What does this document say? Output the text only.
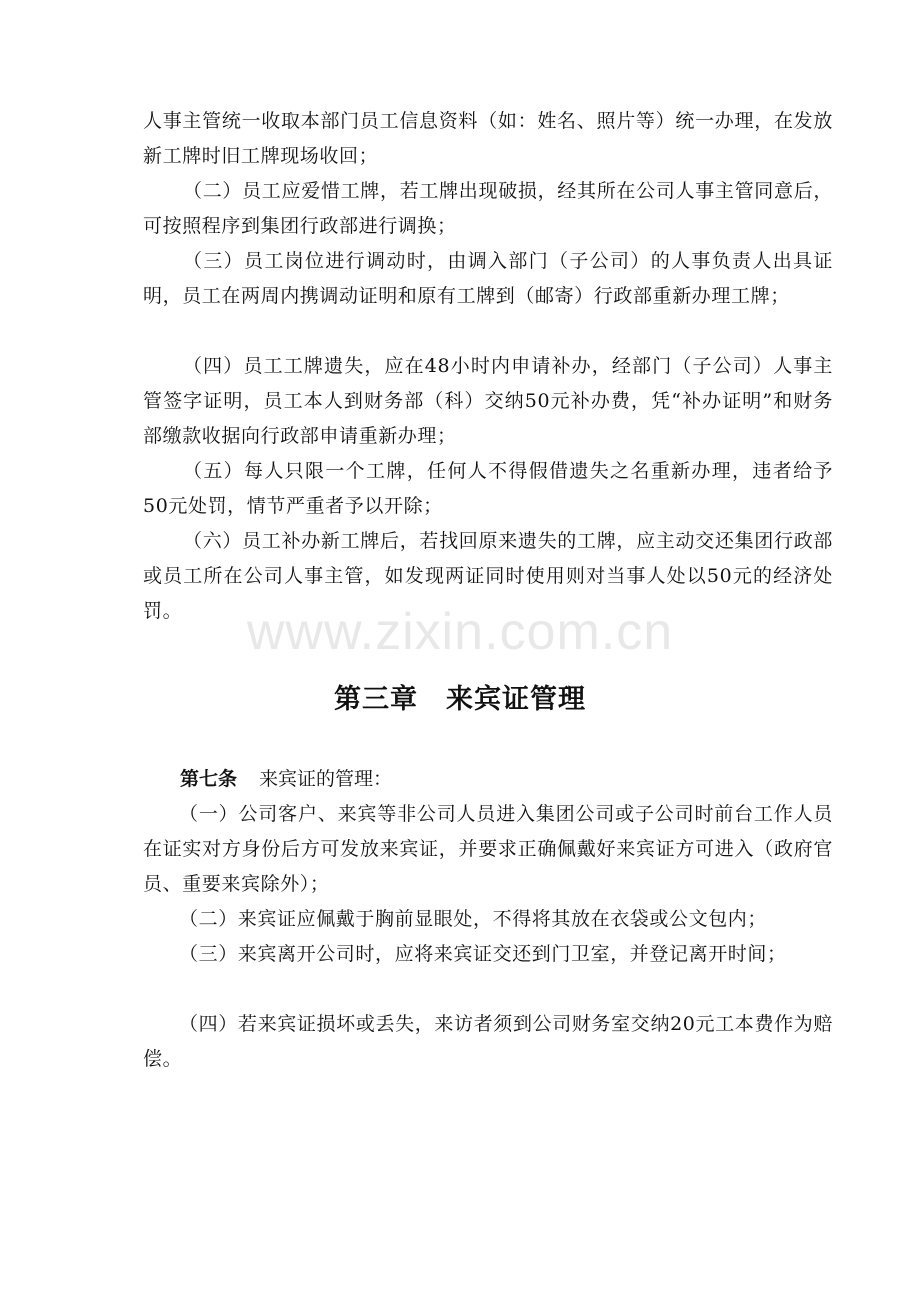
人事主管统一收取本部门员工信息资料（如：姓名、照片等）统一办理，在发放新工牌时旧工牌现场收回；

（二）员工应爱惜工牌，若工牌出现破损，经其所在公司人事主管同意后，可按照程序到集团行政部进行调换；

（三）员工岗位进行调动时，由调入部门（子公司）的人事负责人出具证明，员工在两周内携调动证明和原有工牌到（邮寄）行政部重新办理工牌；

（四）员工工牌遗失，应在48小时内申请补办，经部门（子公司）人事主管签字证明，员工本人到财务部（科）交纳50元补办费，凭“补办证明”和财务部缴款收据向行政部申请重新办理；

（五）每人只限一个工牌，任何人不得假借遗失之名重新办理，违者给予50元处罚，情节严重者予以开除；

（六）员工补办新工牌后，若找回原来遗失的工牌，应主动交还集团行政部或员工所在公司人事主管，如发现两证同时使用则对当事人处以50元的经济处罚。	www.zixin.com.cn
第三章　来宾证管理

第七条 来宾证的管理：

（一）公司客户、来宾等非公司人员进入集团公司或子公司时前台工作人员在证实对方身份后方可发放来宾证，并要求正确佩戴好来宾证方可进入（政府官员、重要来宾除外）；

（二）来宾证应佩戴于胸前显眼处，不得将其放在衣袋或公文包内；

（三）来宾离开公司时，应将来宾证交还到门卫室，并登记离开时间；

（四）若来宾证损坏或丢失，来访者须到公司财务室交纳20元工本费作为赔偿。
